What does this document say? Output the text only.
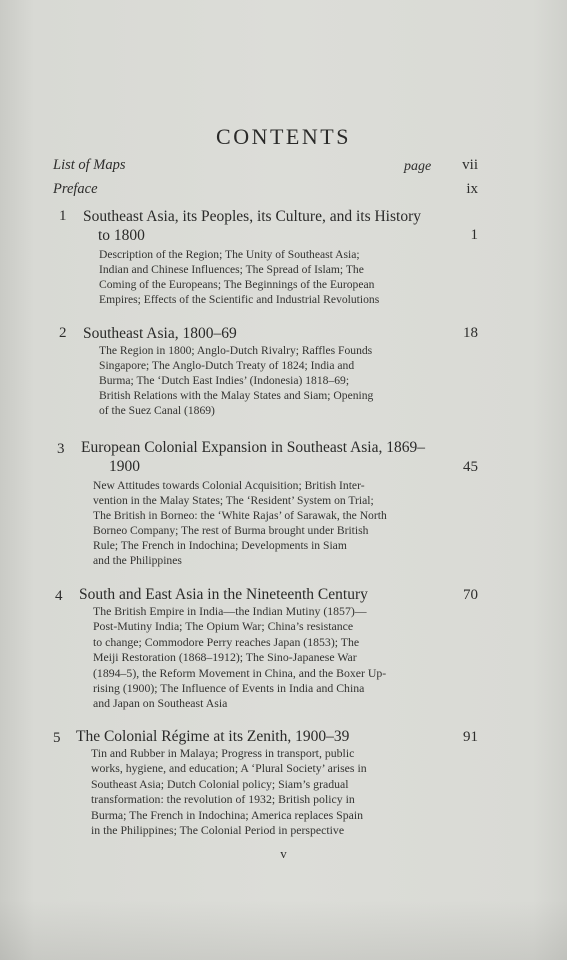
CONTENTS
List of Maps	page vii
Preface	ix
1 Southeast Asia, its Peoples, its Culture, and its History
to 1800	1
Description of the Region; The Unity of Southeast Asia;
Indian and Chinese Influences; The Spread of Islam; The
Coming of the Europeans; The Beginnings of the European
Empires; Effects of the Scientific and Industrial Revolutions
2 Southeast Asia, 1800–69	18
The Region in 1800; Anglo-Dutch Rivalry; Raffles Founds
Singapore; The Anglo-Dutch Treaty of 1824; India and
Burma; The ‘Dutch East Indies’ (Indonesia) 1818–69;
British Relations with the Malay States and Siam; Opening
of the Suez Canal (1869)
3 European Colonial Expansion in Southeast Asia, 1869–
1900	45
New Attitudes towards Colonial Acquisition; British Inter-
vention in the Malay States; The ‘Resident’ System on Trial;
The British in Borneo: the ‘White Rajas’ of Sarawak, the North
Borneo Company; The rest of Burma brought under British
Rule; The French in Indochina; Developments in Siam
and the Philippines
4 South and East Asia in the Nineteenth Century	70
The British Empire in India—the Indian Mutiny (1857)—
Post-Mutiny India; The Opium War; China’s resistance
to change; Commodore Perry reaches Japan (1853); The
Meiji Restoration (1868–1912); The Sino-Japanese War
(1894–5), the Reform Movement in China, and the Boxer Up-
rising (1900); The Influence of Events in India and China
and Japan on Southeast Asia
5 The Colonial Régime at its Zenith, 1900–39	91
Tin and Rubber in Malaya; Progress in transport, public
works, hygiene, and education; A ‘Plural Society’ arises in
Southeast Asia; Dutch Colonial policy; Siam’s gradual
transformation: the revolution of 1932; British policy in
Burma; The French in Indochina; America replaces Spain
in the Philippines; The Colonial Period in perspective
v
